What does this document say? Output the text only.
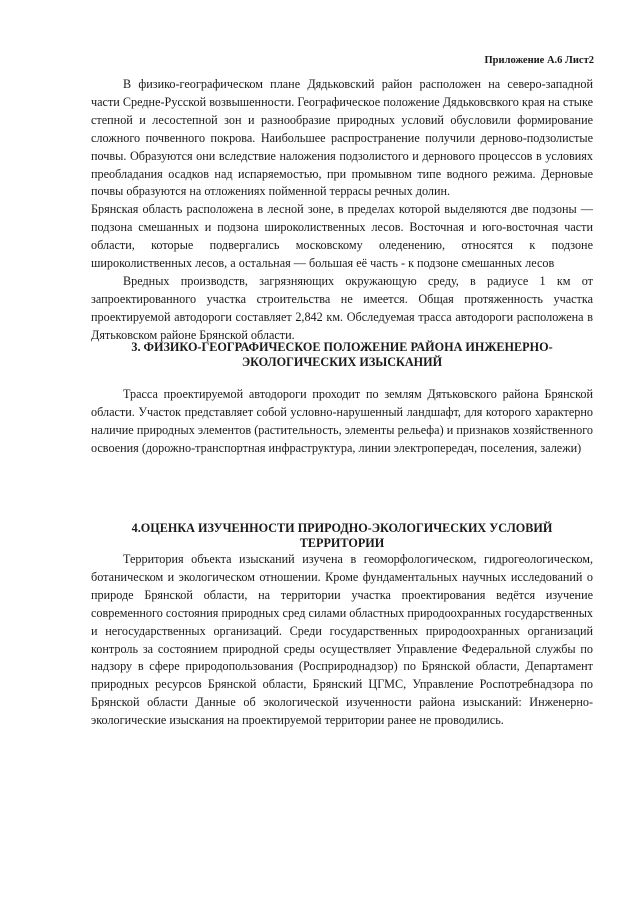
Приложение А.6 Лист2

В физико-географическом плане Дядьковский район расположен на северо-западной части Средне-Русской возвышенности. Географическое положение Дядьковсвкого края на стыке степной и лесостепной зон и разнообразие природных условий обусловили формирование сложного почвенного покрова. Наибольшее распространение получили дерново-подзолистые почвы. Образуются они вследствие наложения подзолистого и дернового процессов в условиях преобладания осадков над испаряемостью, при промывном типе водного режима. Дерновые почвы образуются на отложениях пойменной террасы речных долин.

Брянская область расположена в лесной зоне, в пределах которой выделяются две подзоны — подзона смешанных и подзона широколиственных лесов. Восточная и юго-восточная части области, которые подвергались московскому оледенению, относятся к подзоне широколиственных лесов, а остальная — большая её часть - к подзоне смешанных лесов

Вредных производств, загрязняющих окружающую среду, в радиусе 1 км от запроектированного участка строительства не имеется. Общая протяженность участка проектируемой автодороги составляет 2,842 км. Обследуемая трасса автодороги расположена в Дятьковском районе Брянской области.

3. ФИЗИКО-ГЕОГРАФИЧЕСКОЕ ПОЛОЖЕНИЕ РАЙОНА ИНЖЕНЕРНО-ЭКОЛОГИЧЕСКИХ ИЗЫСКАНИЙ

Трасса проектируемой автодороги проходит по землям Дятьковского района Брянской области. Участок представляет собой условно-нарушенный ландшафт, для которого характерно наличие природных элементов (растительность, элементы рельефа) и признаков хозяйственного освоения (дорожно-транспортная инфраструктура, линии электропередач, поселения, залежи)

4.ОЦЕНКА ИЗУЧЕННОСТИ ПРИРОДНО-ЭКОЛОГИЧЕСКИХ УСЛОВИЙ ТЕРРИТОРИИ

Территория объекта изысканий изучена в геоморфологическом, гидрогеологическом, ботаническом и экологическом отношении. Кроме фундаментальных научных исследований о природе Брянской области, на территории участка проектирования ведётся изучение современного состояния природных сред силами областных природоохранных государственных и негосударственных организаций. Среди государственных природоохранных организаций контроль за состоянием природной среды осуществляет Управление Федеральной службы по надзору в сфере природопользования (Росприроднадзор) по Брянской области, Департамент природных ресурсов Брянской области, Брянский ЦГМС, Управление Роспотребнадзора по Брянской области Данные об экологической изученности района изысканий: Инженерно-экологические изыскания на проектируемой территории ранее не проводились.
